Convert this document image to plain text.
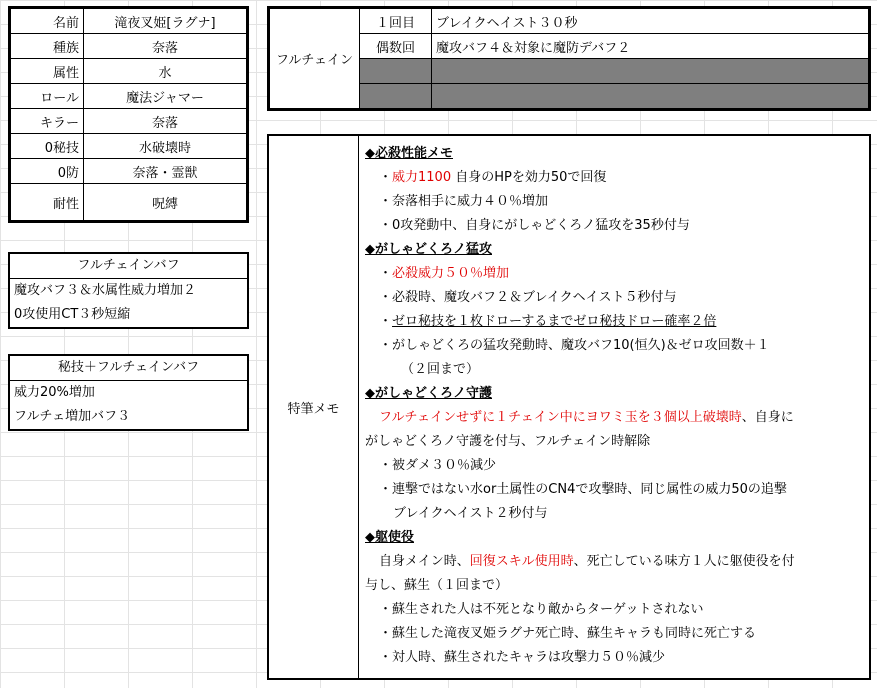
名前	滝夜叉姫[ラグナ]
種族	奈落
属性	水
ロール	魔法ジャマー
キラー	奈落
0秘技	水破壊時
0防	奈落・霊獣
耐性	呪縛
フルチェインバフ
魔攻バフ３＆水属性威力増加２
0攻使用CT３秒短縮
秘技＋フルチェインバフ
威力20%増加
フルチェ増加バフ３
フルチェイン	１回目	ブレイクヘイスト３０秒
	偶数回	魔攻バフ４＆対象に魔防デバフ２

特筆メモ
◆必殺性能メモ
・威力1100 自身のHPを効力50で回復
・奈落相手に威力４０％増加
・0攻発動中、自身にがしゃどくろノ猛攻を35秒付与
◆がしゃどくろノ猛攻
・必殺威力５０％増加
・必殺時、魔攻バフ２＆ブレイクヘイスト５秒付与
・ゼロ秘技を１枚ドローするまでゼロ秘技ドロー確率２倍
・がしゃどくろの猛攻発動時、魔攻バフ10(恒久)＆ゼロ攻回数＋１
（２回まで）
◆がしゃどくろノ守護
フルチェインせずに１チェイン中にヨワミ玉を３個以上破壊時、自身に
がしゃどくろノ守護を付与、フルチェイン時解除
・被ダメ３０％減少
・連撃ではない水or土属性のCN4で攻撃時、同じ属性の威力50の追撃
ブレイクヘイスト２秒付与
◆躯使役
自身メイン時、回復スキル使用時、死亡している味方１人に躯使役を付
与し、蘇生（１回まで）
・蘇生された人は不死となり敵からターゲットされない
・蘇生した滝夜叉姫ラグナ死亡時、蘇生キャラも同時に死亡する
・対人時、蘇生されたキャラは攻撃力５０％減少
